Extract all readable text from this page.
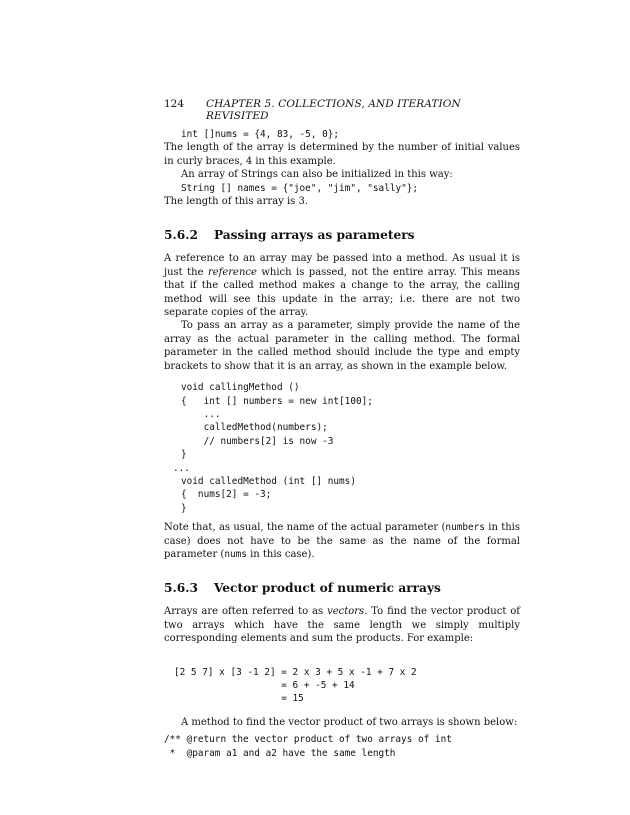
124 CHAPTER 5. COLLECTIONS, AND ITERATION REVISITED
int []nums = {4, 83, -5, 0};

The length of the array is determined by the number of initial values in curly braces, 4 in this example.

An array of Strings can also be initialized in this way:

String [] names = {"joe", "jim", "sally"};

The length of this array is 3.

5.6.2 Passing arrays as parameters

A reference to an array may be passed into a method. As usual it is just the reference which is passed, not the entire array. This means that if the called method makes a change to the array, the calling method will see this update in the array; i.e. there are not two separate copies of the array.

To pass an array as a parameter, simply provide the name of the array as the actual parameter in the calling method. The formal parameter in the called method should include the type and empty brackets to show that it is an array, as shown in the example below.

void callingMethod ()
{   int [] numbers = new int[100];
...
calledMethod(numbers);
// numbers[2] is now -3
}
...
void calledMethod (int [] nums)
{  nums[2] = -3;
}

Note that, as usual, the name of the actual parameter (numbers in this case) does not have to be the same as the name of the formal parameter (nums in this case).

5.6.3 Vector product of numeric arrays

Arrays are often referred to as vectors. To find the vector product of two arrays which have the same length we simply multiply corresponding elements and sum the products. For example:

[2 5 7] x [3 -1 2] = 2 x 3 + 5 x -1 + 7 x 2
= 6 + -5 + 14
= 15

A method to find the vector product of two arrays is shown below:

/** @return the vector product of two arrays of int
*  @param a1 and a2 have the same length
